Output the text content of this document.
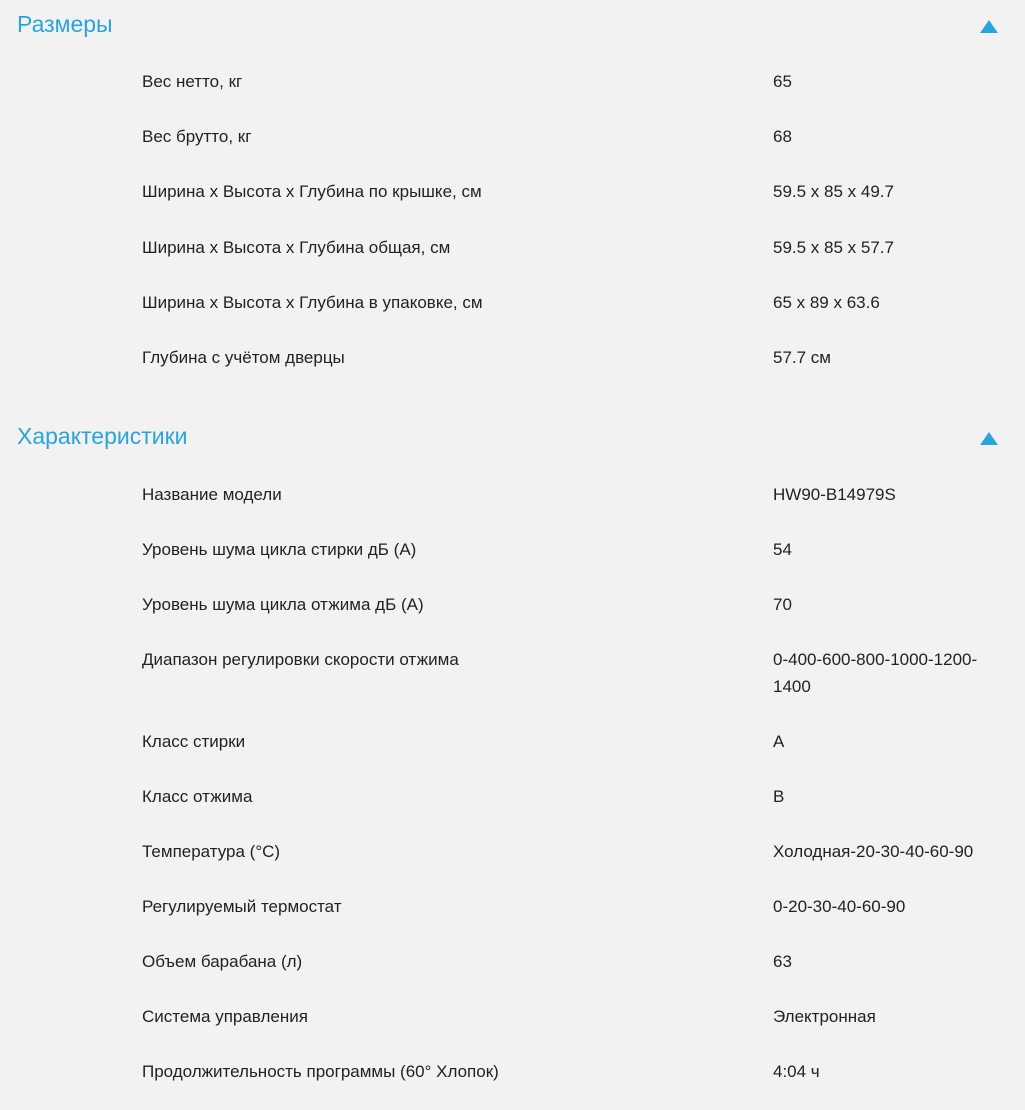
Размеры
Вес нетто, кг	65
Вес брутто, кг	68
Ширина x Высота x Глубина по крышке, см	59.5 x 85 x 49.7
Ширина x Высота x Глубина общая, см	59.5 x 85 x 57.7
Ширина x Высота x Глубина в упаковке, см	65 x 89 x 63.6
Глубина с учётом дверцы	57.7 см
Характеристики
Название модели	HW90-B14979S
Уровень шума цикла стирки дБ (А)	54
Уровень шума цикла отжима дБ (А)	70
Диапазон регулировки скорости отжима	0-400-600-800-1000-1200-1400
Класс стирки	A
Класс отжима	B
Температура (°C)	Холодная-20-30-40-60-90
Регулируемый термостат	0-20-30-40-60-90
Объем барабана (л)	63
Система управления	Электронная
Продолжительность программы (60° Хлопок)	4:04 ч
